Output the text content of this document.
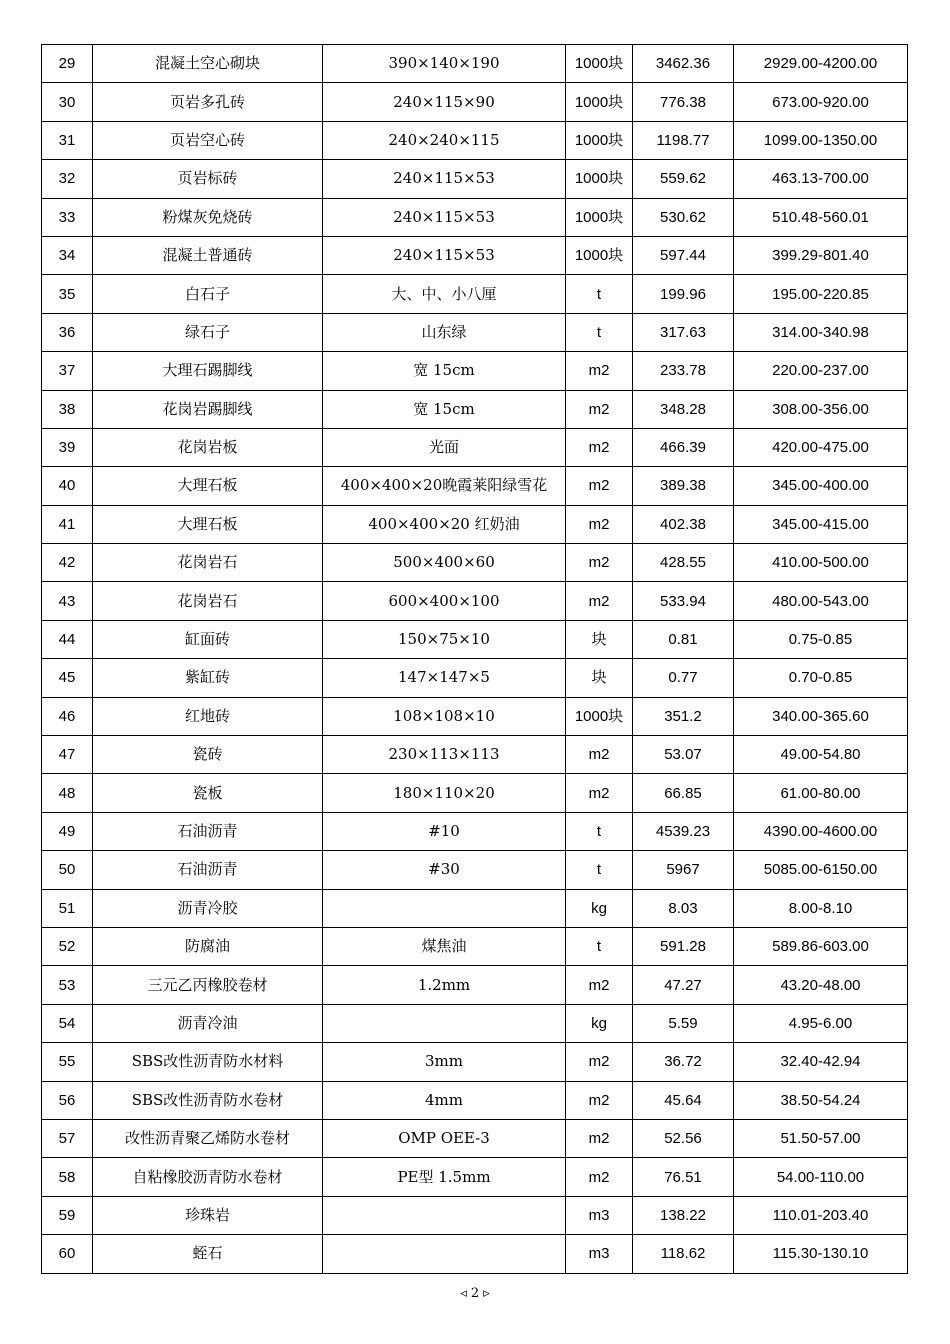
29	混凝土空心砌块	390×140×190	1000块	3462.36	2929.00-4200.00
30	页岩多孔砖	240×115×90	1000块	776.38	673.00-920.00
31	页岩空心砖	240×240×115	1000块	1198.77	1099.00-1350.00
32	页岩标砖	240×115×53	1000块	559.62	463.13-700.00
33	粉煤灰免烧砖	240×115×53	1000块	530.62	510.48-560.01
34	混凝土普通砖	240×115×53	1000块	597.44	399.29-801.40
35	白石子	大、中、小八厘	t	199.96	195.00-220.85
36	绿石子	山东绿	t	317.63	314.00-340.98
37	大理石踢脚线	宽 15cm	m2	233.78	220.00-237.00
38	花岗岩踢脚线	宽 15cm	m2	348.28	308.00-356.00
39	花岗岩板	光面	m2	466.39	420.00-475.00
40	大理石板	400×400×20晚霞莱阳绿雪花	m2	389.38	345.00-400.00
41	大理石板	400×400×20 红奶油	m2	402.38	345.00-415.00
42	花岗岩石	500×400×60	m2	428.55	410.00-500.00
43	花岗岩石	600×400×100	m2	533.94	480.00-543.00
44	缸面砖	150×75×10	块	0.81	0.75-0.85
45	紫缸砖	147×147×5	块	0.77	0.70-0.85
46	红地砖	108×108×10	1000块	351.2	340.00-365.60
47	瓷砖	230×113×113	m2	53.07	49.00-54.80
48	瓷板	180×110×20	m2	66.85	61.00-80.00
49	石油沥青	#10	t	4539.23	4390.00-4600.00
50	石油沥青	#30	t	5967	5085.00-6150.00
51	沥青冷胶		kg	8.03	8.00-8.10
52	防腐油	煤焦油	t	591.28	589.86-603.00
53	三元乙丙橡胶卷材	1.2mm	m2	47.27	43.20-48.00
54	沥青冷油		kg	5.59	4.95-6.00
55	SBS改性沥青防水材料	3mm	m2	36.72	32.40-42.94
56	SBS改性沥青防水卷材	4mm	m2	45.64	38.50-54.24
57	改性沥青聚乙烯防水卷材	OMP OEE-3	m2	52.56	51.50-57.00
58	自粘橡胶沥青防水卷材	PE型 1.5mm	m2	76.51	54.00-110.00
59	珍珠岩		m3	138.22	110.01-203.40
60	蛭石		m3	118.62	115.30-130.10
◃ 2 ▹
